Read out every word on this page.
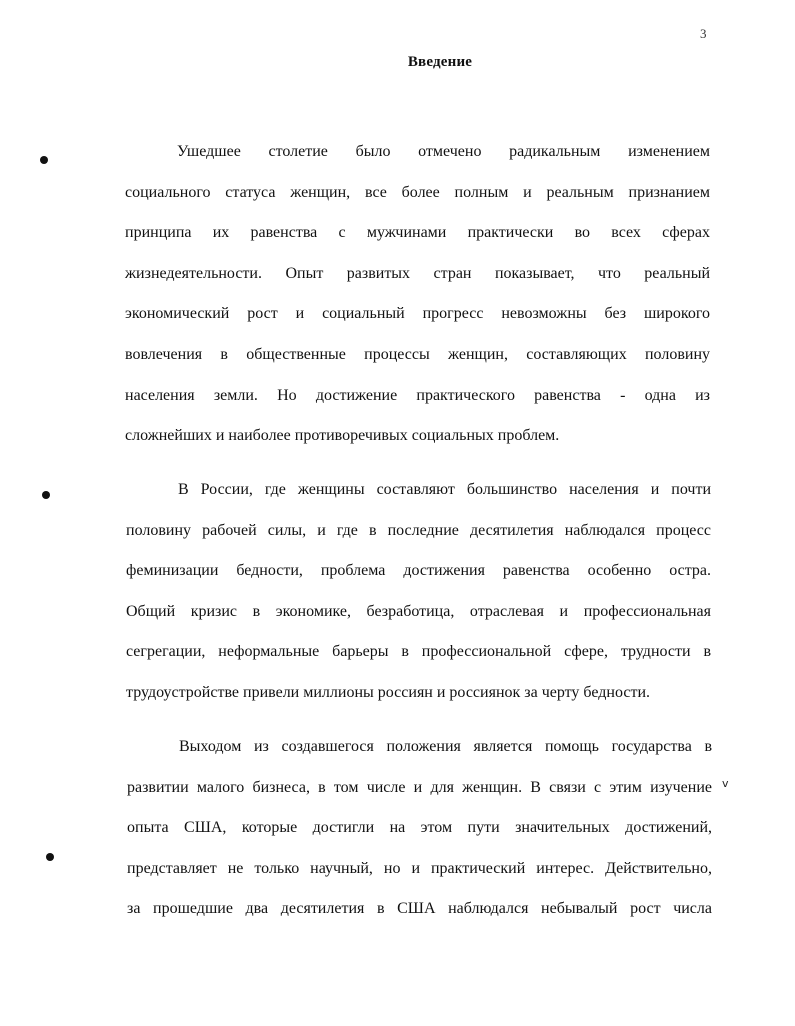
3
Введение
v
Ушедшее столетие было отмечено радикальным изменением
социального статуса женщин, все более полным и реальным признанием
принципа их равенства с мужчинами практически во всех сферах
жизнедеятельности. Опыт развитых стран показывает, что реальный
экономический рост и социальный прогресс невозможны без широкого
вовлечения в общественные процессы женщин, составляющих половину
населения земли. Но достижение практического равенства - одна из
сложнейших и наиболее противоречивых социальных проблем.
В России, где женщины составляют большинство населения и почти
половину рабочей силы, и где в последние десятилетия наблюдался процесс
феминизации бедности, проблема достижения равенства особенно остра.
Общий кризис в экономике, безработица, отраслевая и профессиональная
сегрегации, неформальные барьеры в профессиональной сфере, трудности в
трудоустройстве привели миллионы россиян и россиянок за черту бедности.
Выходом из создавшегося положения является помощь государства в
развитии малого бизнеса, в том числе и для женщин. В связи с этим изучение
опыта США, которые достигли на этом пути значительных достижений,
представляет не только научный, но и практический интерес. Действительно,
за прошедшие два десятилетия в США наблюдался небывалый рост числа
